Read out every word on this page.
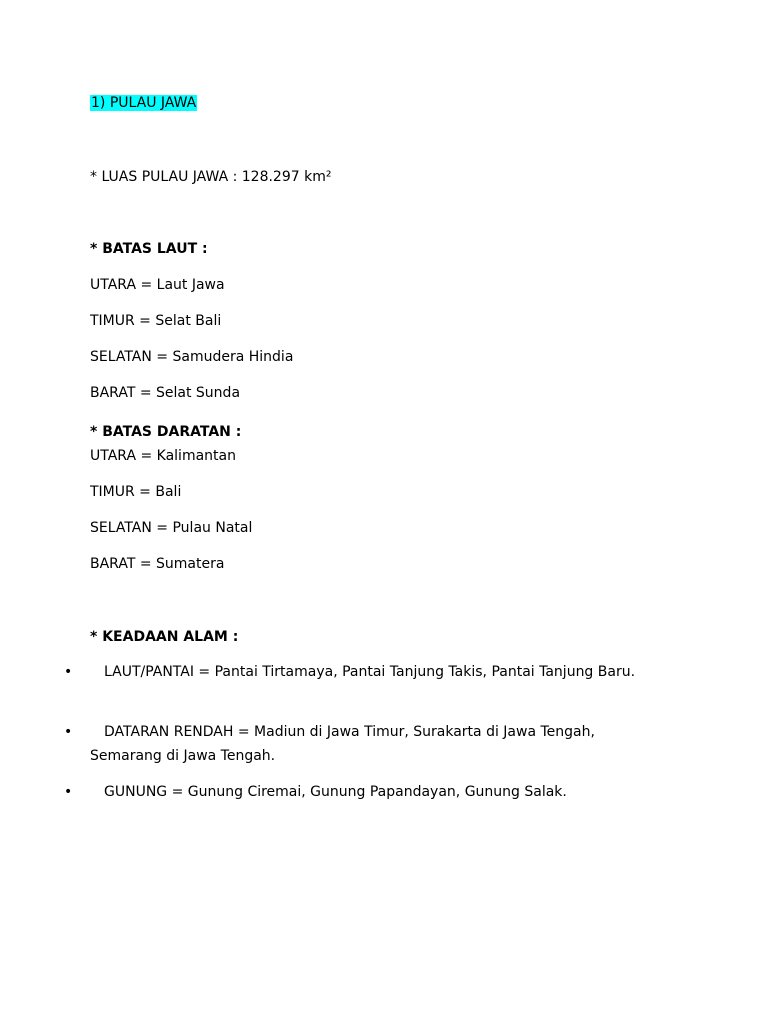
1) PULAU JAWA
* LUAS PULAU JAWA : 128.297 km²
* BATAS LAUT :
UTARA = Laut Jawa
TIMUR = Selat Bali
SELATAN = Samudera Hindia
BARAT = Selat Sunda
* BATAS DARATAN :
UTARA = Kalimantan
TIMUR = Bali
SELATAN = Pulau Natal
BARAT = Sumatera
* KEADAAN ALAM :
•	LAUT/PANTAI = Pantai Tirtamaya, Pantai Tanjung Takis, Pantai Tanjung Baru.
•	DATARAN RENDAH = Madiun di Jawa Timur, Surakarta di Jawa Tengah, Semarang di Jawa Tengah.
•	GUNUNG = Gunung Ciremai, Gunung Papandayan, Gunung Salak.
